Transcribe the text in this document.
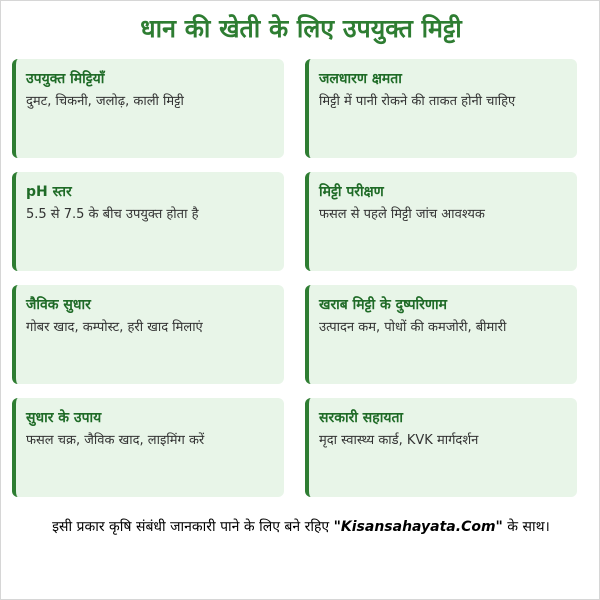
धान की खेती के लिए उपयुक्त मिट्टी
उपयुक्त मिट्टियाँ
दुमट, चिकनी, जलोढ़, काली मिट्टी
जलधारण क्षमता
मिट्टी में पानी रोकने की ताकत होनी चाहिए
pH स्तर
5.5 से 7.5 के बीच उपयुक्त होता है
मिट्टी परीक्षण
फसल से पहले मिट्टी जांच आवश्यक
जैविक सुधार
गोबर खाद, कम्पोस्ट, हरी खाद मिलाएं
खराब मिट्टी के दुष्परिणाम
उत्पादन कम, पोधों की कमजोरी, बीमारी
सुधार के उपाय
फसल चक्र, जैविक खाद, लाइमिंग करें
सरकारी सहायता
मृदा स्वास्थ्य कार्ड, KVK मार्गदर्शन
इसी प्रकार कृषि संबंधी जानकारी पाने के लिए बने रहिए "Kisansahayata.Com" के साथ।
